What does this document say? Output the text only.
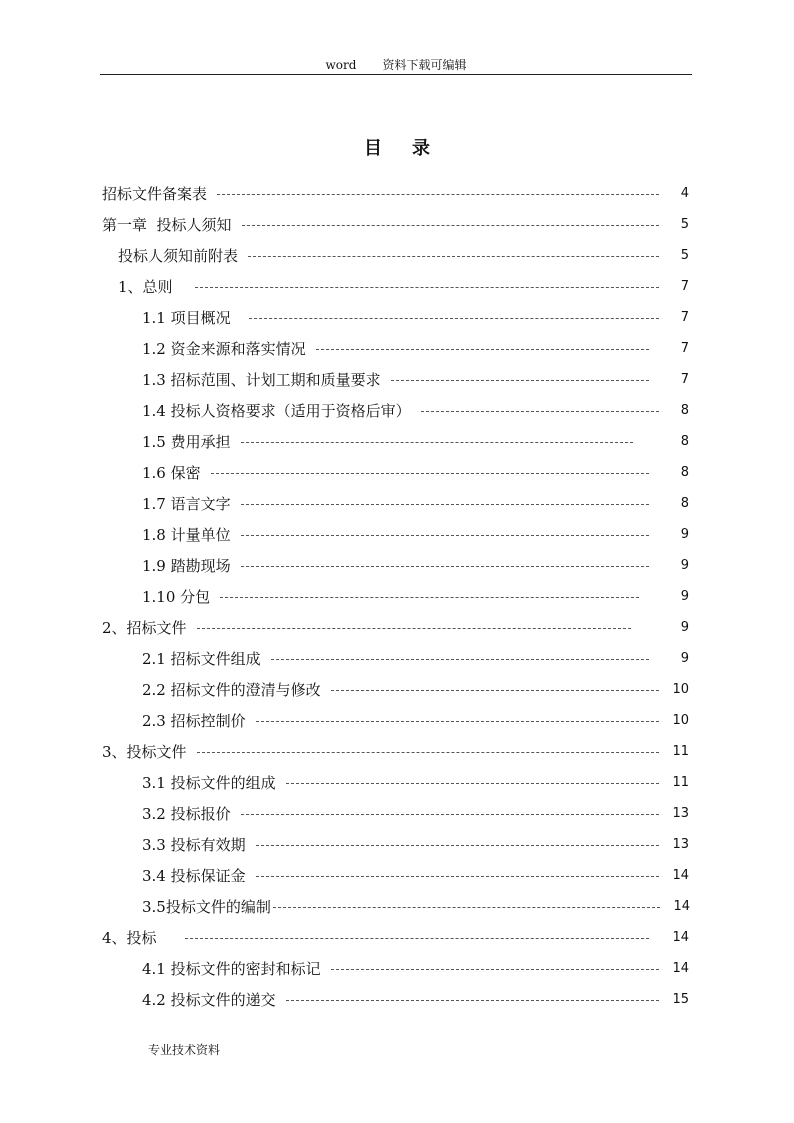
word 资料下载可编辑
目录
招标文件备案表	4
第一章  投标人须知	5
投标人须知前附表	5
1、总则	7
1.1 项目概况	7
1.2 资金来源和落实情况	7
1.3 招标范围、计划工期和质量要求	7
1.4 投标人资格要求（适用于资格后审）	8
1.5 费用承担	8
1.6 保密	8
1.7 语言文字	8
1.8 计量单位	9
1.9 踏勘现场	9
1.10 分包	9
2、招标文件	9
2.1 招标文件组成	9
2.2 招标文件的澄清与修改	10
2.3 招标控制价	10
3、投标文件	11
3.1 投标文件的组成	11
3.2 投标报价	13
3.3 投标有效期	13
3.4 投标保证金	14
3.5投标文件的编制	14
4、投标	14
4.1 投标文件的密封和标记	14
4.2 投标文件的递交	15
专业技术资料
